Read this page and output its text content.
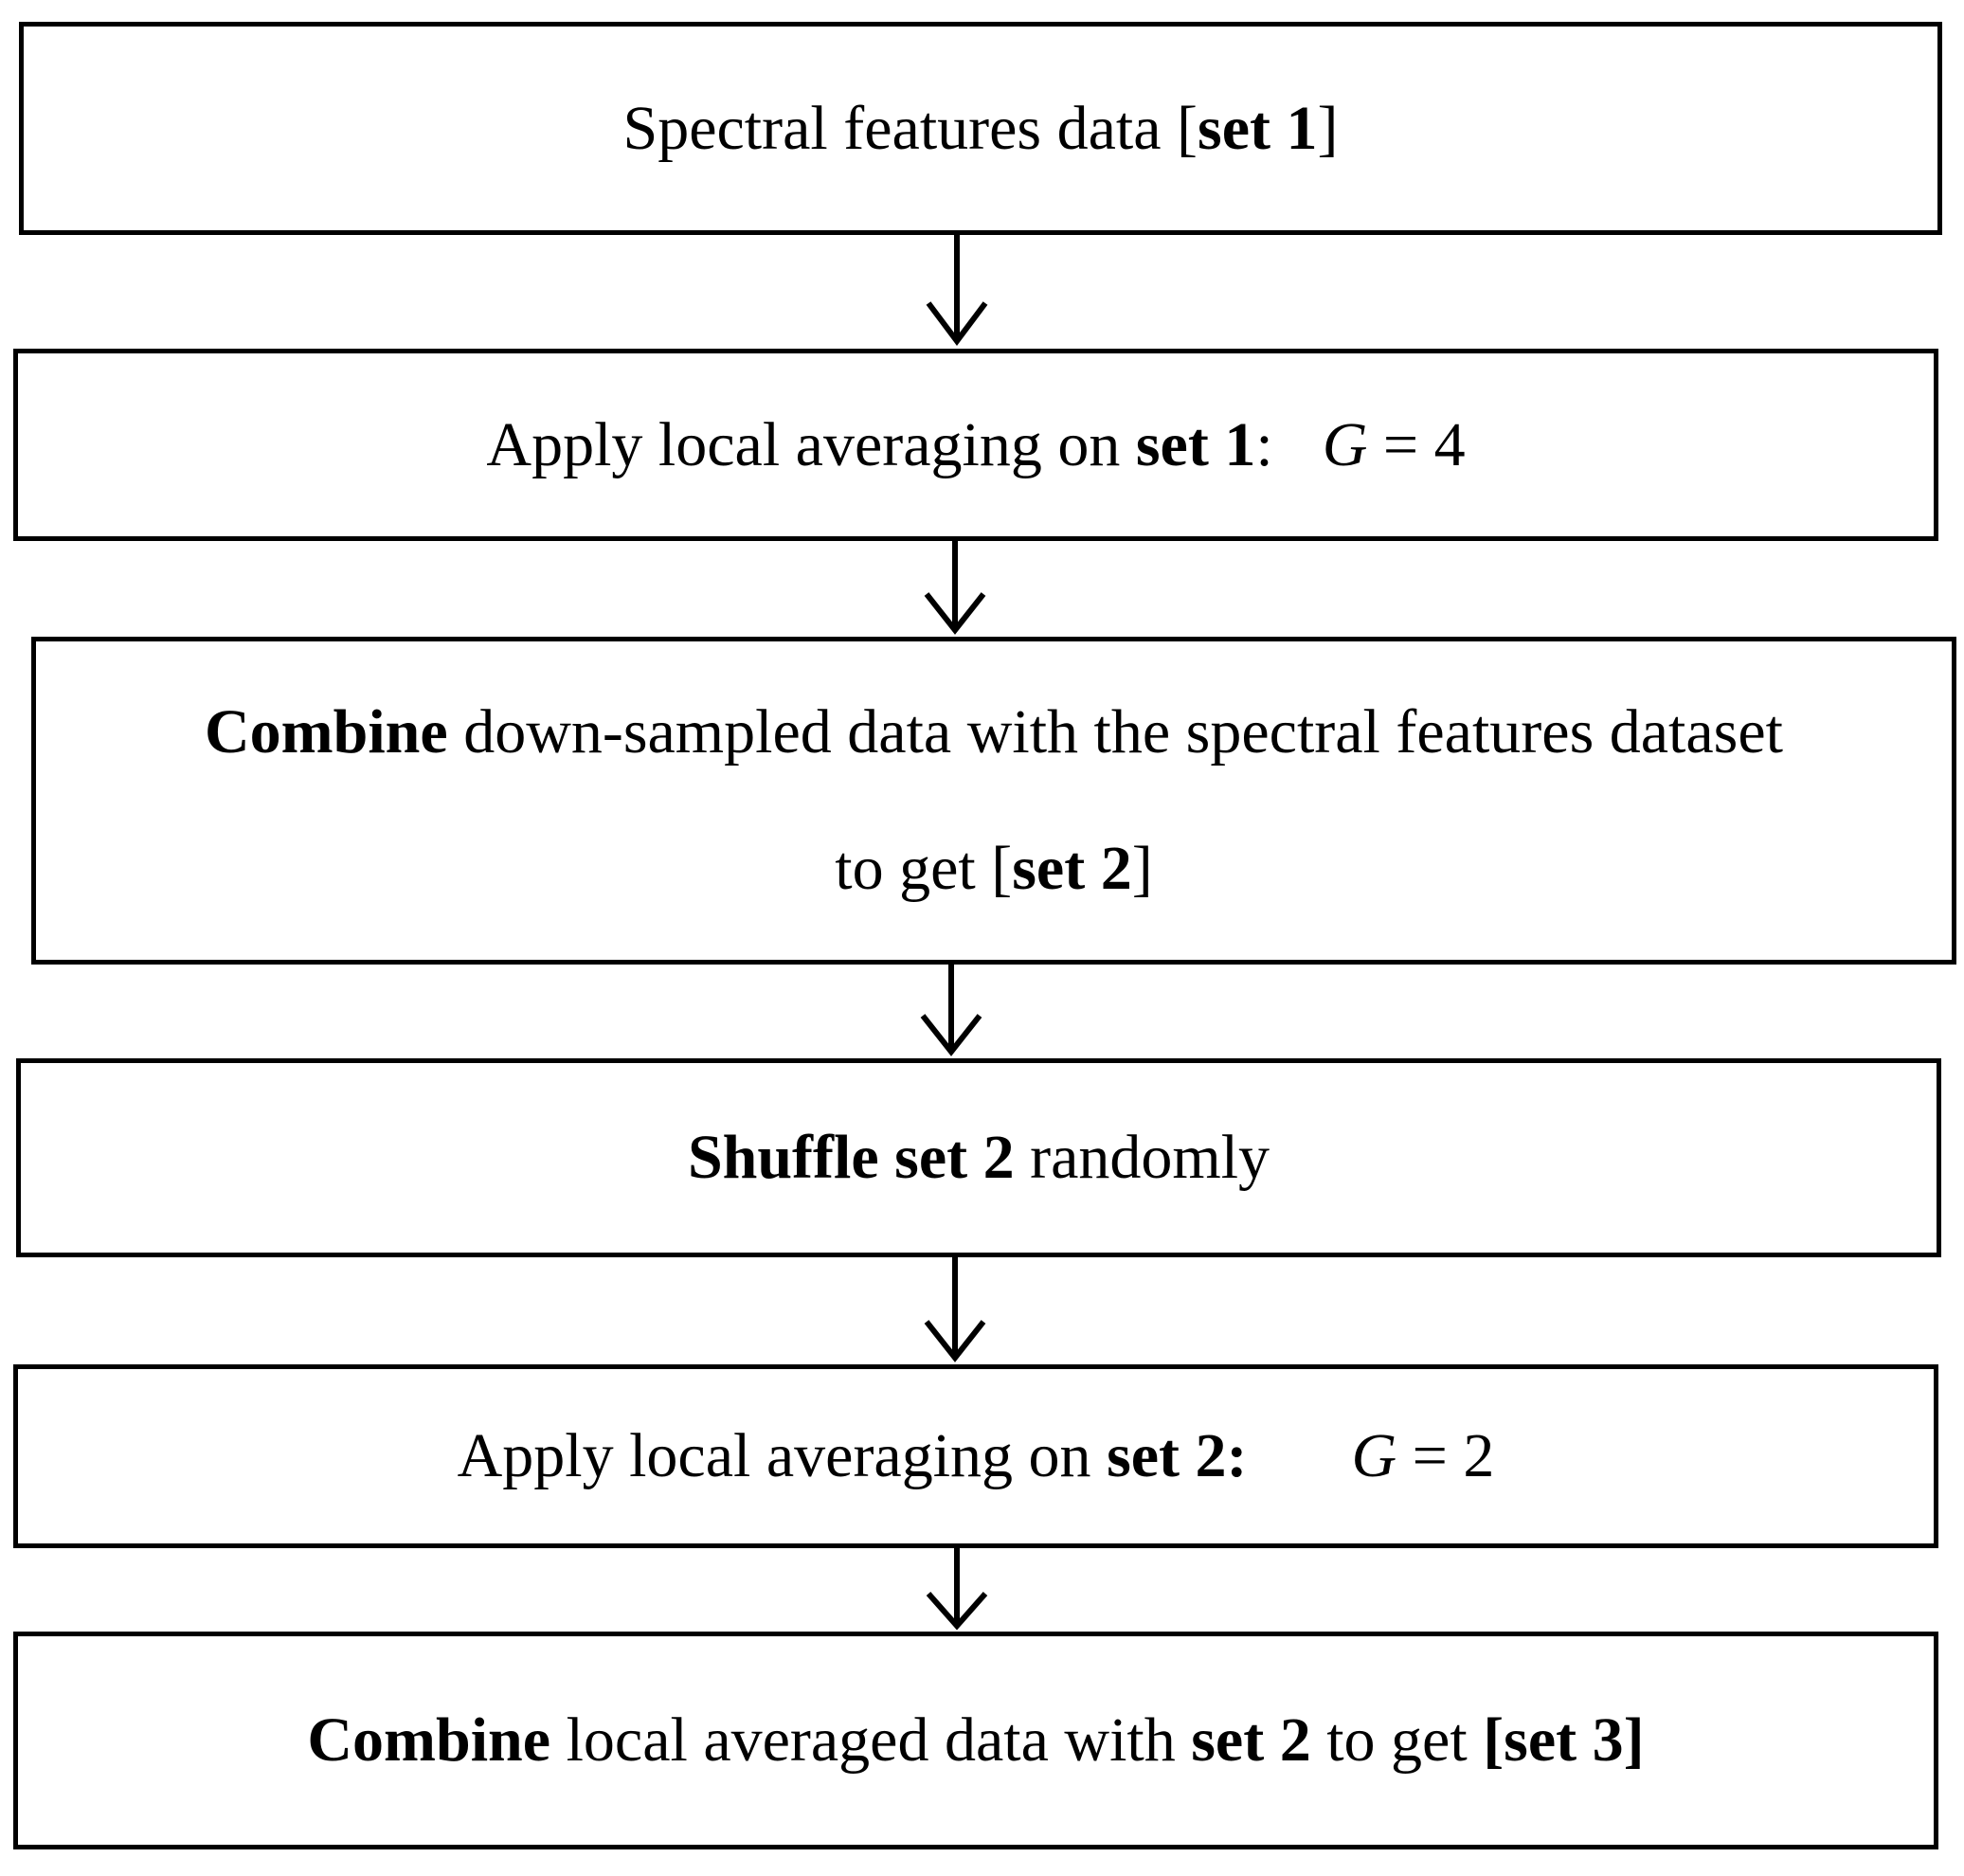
Spectral features data [set 1]
Apply local averaging on set 1: G = 4
Combine down-sampled data with the spectral features dataset
to get [set 2]
Shuffle set 2 randomly
Apply local averaging on set 2: G = 2
Combine local averaged data with set 2 to get [set 3]
